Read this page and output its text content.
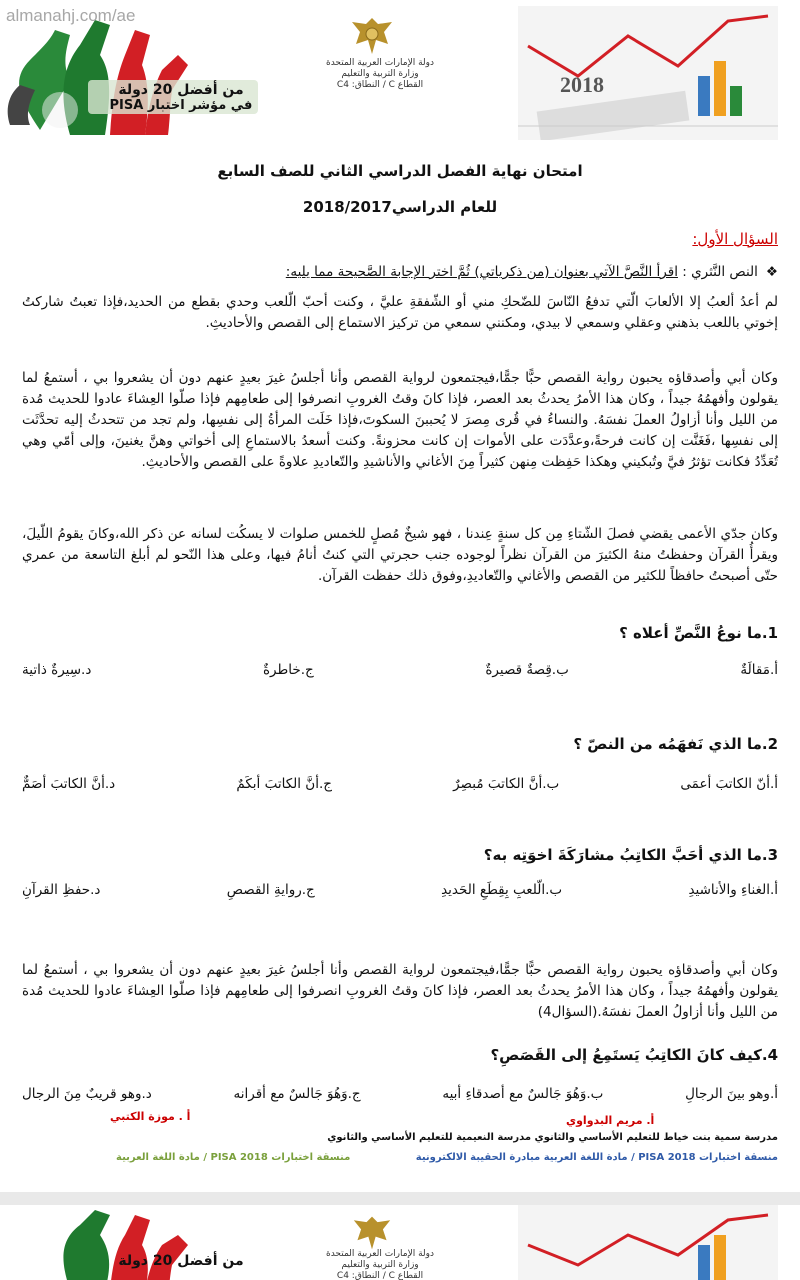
من أفضل 20 دولة
في مؤشر اختبار PISA
almanahj.com/ae
دولة الإمارات العربية المتحدة
وزارة التربية والتعليم
القطاع C / النطاق: C4	2018
امتحان نهاية الفصل الدراسي الثاني للصف السابع
للعام الدراسي2018/2017
السؤال الأول:
❖النص النَّثري : اقرأ النَّصَّ الآتي بعنوان (من ذكرياتي) ثُمَّ اختر الإجابة الصَّحيحة مما يليه:
لم أعدُ ألعبُ إلا الألعابَ الّتي تدفعُ النّاسَ للضّحكِ مني أو الشّفقةِ عليَّ ، وكنت أحبّ الّلعب وحدي بقطع من الحديد،فإذا تعبتُ شاركتُ إخوتي باللعب بذهني وعقلي وسمعي لا بيدي، ومكنني سمعي من تركيز الاستماع إلى القصص والأحاديثِ.
وكان أبي وأصدقاؤه يحبون رواية القصص حبًّا جمًّا،فيجتمعون لرواية القصص وأنا أجلسُ غيرَ بعيدٍ عنهم دون أن يشعروا بي ، أستمعُ لما يقولون وأفهمُهُ جيداً ، وكان هذا الأمرُ يحدثُ بعد العصر، فإذا كانَ وقتُ الغروبِ انصرفوا إلى طعامِهم فإذا صلّوا العِشاءَ عادوا للحديث مُدة من الليل وأنا أزاولُ العملَ نفسَهُ. والنساءُ في قُرى مِصرَ لا يُحببنَ السكوتَ،فإذا خَلَت المرأةُ إلى نفسِها، ولم تجد من تتحدثُ إليه تحدَّثَت إلى نفسِها ،فَغَنَّت إن كانت فرحةً،وعدَّدَت على الأموات إن كانت محزونةً. وكنت أسعدُ بالاستماعِ إلى أخواتي وهنَّ يغنينَ، وإلى أمّي وهي تُعَدِّدُ فكانت تؤثرُ فيَّ وتُبكيني وهكذا حَفِظت مِنهن كثيراً مِنَ الأغاني والأناشيدِ والتّعاديدِ علاوةً على القصص والأحاديثِ.
وكان جدّي الأعمى يقضي فصلَ الشّتاءِ مِن كل سنةٍ عِندنا ، فهو شيخٌ مُصلٍ للخمس صلوات لا يسكُت لسانه عن ذكر الله،وكانَ يقومُ اللّيلَ، ويقرأُ القرآن وحفظتُ منهُ الكثيرَ من القرآن نظراً لوجوده جنب حجرتي التي كنتُ أنامُ فيها، وعلى هذا النّحو لم أبلغ التاسعة من عمري حتّى أصبحتُ حافظاً للكثير من القصص والأغاني والتّعاديدِ،وفوق ذلك حفظت القرآن.
1.ما نوعُ النَّصِّ أعلاه ؟
أ.مَقالَةٌ
ب.قِصةٌ قصيرةٌ
ج.خاطرةٌ
د.سِيرةٌ ذاتية
2.ما الذي نَفهَمُه من النصّ ؟
أ.أنّ الكاتبَ أعمَى
ب.أنَّ الكاتبَ مُبصِرٌ
ج.أنَّ الكاتبَ أبكَمٌ
د.أنَّ الكاتبَ أصَمٌّ
3.ما الذي أحَبَّ الكاتِبُ مشارَكَةَ اخوَتِه به؟
أ.الغناءِ والأناشيدِ
ب.الّلعبِ بِقِطَعِ الحَديدِ
ج.روايةِ القصصِ
د.حفظِ القرآنِ
وكان أبي وأصدقاؤه يحبون رواية القصص حبًّا جمًّا،فيجتمعون لرواية القصص وأنا أجلسُ غيرَ بعيدٍ عنهم دون أن يشعروا بي ، أستمعُ لما يقولون وأفهمُهُ جيداً ، وكان هذا الأمرُ يحدثُ بعد العصر، فإذا كانَ وقتُ الغروبِ انصرفوا إلى طعامِهم فإذا صلّوا العِشاءَ عادوا للحديث مُدة من الليل وأنا أزاولُ العملَ نفسَهُ.(السؤال4)
4.كيف كانَ الكاتِبُ يَستَمِعُ إلى القَصَصِ؟
أ.وهو بينَ الرجالِ
ب.وَهُوَ جَالسٌ مع أصدقاءِ أبيه
ج.وَهُوَ جَالسٌ مع أقرانه
د.وهو قريبٌ مِنَ الرجال
أ. مريم البدواوي
أ . موزة الكتبي
مدرسة سمية بنت خياط للتعليم الأساسي والثانوي مدرسة النعيمية للتعليم الأساسي والثانوي
منسقة اختبارات PISA 2018 / مادة اللغة العربية مبادرة الحقيبة الالكترونية
منسقة اختبارات PISA 2018 / مادة اللغة العربية
من أفضل 20 دولة	دولة الإمارات العربية المتحدة
وزارة التربية والتعليم
القطاع C / النطاق: C4
